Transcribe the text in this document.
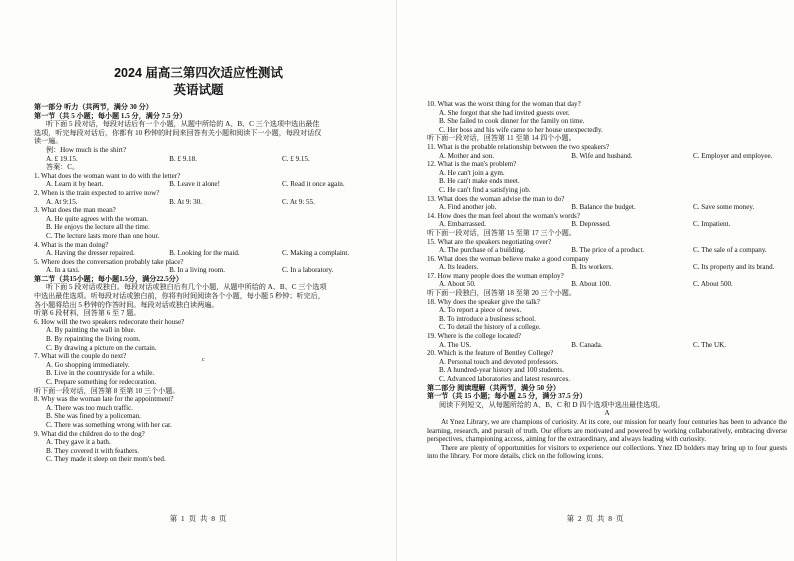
2024 届高三第四次适应性测试
英语试题
c
第一部分 听力（共两节，满分 30 分）
第一节（共 5 小题；每小题 1.5 分，满分 7.5 分）
听下面 5 段对话，每段对话后有一个小题，从题中所给的 A、B、C 三个选项中选出最佳
选项，听完每段对话后，你都有 10 秒钟的时间来回答有关小题和阅读下一小题，每段对话仅
读一遍。
例：How much is the shirt?
A. £ 19.15.	B. £ 9.18.	C. £ 9.15.
答案：C。
1. What does the woman want to do with the letter?
A. Learn it by heart.	B. Leave it alone!	C. Read it once again.
2. When is the train expected to arrive now?
A. At 9:15.	B. At 9: 30.	C. At 9: 55.
3. What does the man mean?
A. He quite agrees with the woman.
B. He enjoys the lecture all the time.
C. The lecture lasts more than one hour.
4. What is the man doing?
A. Having the dresser repaired.	B. Looking for the maid.	C. Making a complaint.
5. Where does the conversation probably take place?
A. In a taxi.	B. In a living room.	C. In a laboratory.
第二节（共15小题；每小题1.5分，满分22.5分）
听下面 5 段对话或独白。每段对话或独白后有几个小题，从题中所给的 A、B、C 三个选项
中选出最佳选项。听每段对话或独白前，你将有时间阅读各个小题，每小题 5 秒钟；听完后，
各小题将给出 5 秒钟的作答时间。每段对话或独白读两遍。
听第 6 段材料，回答第 6 至 7 题。
6. How will the two speakers redecorate their house?
A. By painting the wall in blue.
B. By repainting the living room.
C. By drawing a picture on the curtain.
7. What will the couple do next?
A. Go shopping immediately.
B. Live in the countryside for a while.
C. Prepare something for redecoration.
听下面一段对话，回答第 8 至第 10 三个小题。
8. Why was the woman late for the appointment?
A. There was too much traffic.
B. She was fined by a policeman.
C. There was something wrong with her car.
9. What did the children do to the dog?
A. They gave it a bath.
B. They covered it with feathers.
C. They made it sleep on their mom's bed.
第 1 页 共 8 页
10. What was the worst thing for the woman that day?
A. She forgot that she had invited guests over.
B. She failed to cook dinner for the family on time.
C. Her boss and his wife came to her house unexpectedly.
听下面一段对话，回答第 11 至第 14 四个小题。
11. What is the probable relationship between the two speakers?
A. Mother and son.	B. Wife and husband.	C. Employer and employee.
12. What is the man's problem?
A. He can't join a gym.
B. He can't make ends meet.
C. He can't find a satisfying job.
13. What does the woman advise the man to do?
A. Find another job.	B. Balance the budget.	C. Save some money.
14. How does the man feel about the woman's words?
A. Embarrassed.	B. Depressed.	C. Impatient.
听下面一段对话，回答第 15 至第 17 三个小题。
15. What are the speakers negotiating over?
A. The purchase of a building.	B. The price of a product.	C. The sale of a company.
16. What does the woman believe make a good company
A. Its leaders.	B. Its workers.	C. Its property and its brand.
17. How many people does the woman employ?
A. About 50.	B. About 100.	C. About 500.
听下面一段独白，回答第 18 至第 20 三个小题。
18. Why does the speaker give the talk?
A. To report a piece of news.
B. To introduce a business school.
C. To detail the history of a college.
19. Where is the college located?
A. The US.	B. Canada.	C. The UK.
20. Which is the feature of Bentley College?
A. Personal touch and devoted professors.
B. A hundred-year history and 100 students.
C. Advanced laboratories and latest resources.
第二部分 阅读理解（共两节，满分 50 分）
第一节（共 15 小题；每小题 2.5 分，满分 37.5 分）
阅读下列短文，从每题所给的 A、B、C 和 D 四个选项中选出最佳选项。
A
At Ynez Library, we are champions of curiosity. At its core, our mission for nearly four centuries has been to advance the learning, research, and pursuit of truth. Our efforts are motivated and powered by working collaboratively, embracing diverse perspectives, championing access, aiming for the extraordinary, and always leading with curiosity.
There are plenty of opportunities for visitors to experience our collections. Ynez ID holders may bring up to four guests into the library. For more details, click on the following icons.
第 2 页 共 8 页
